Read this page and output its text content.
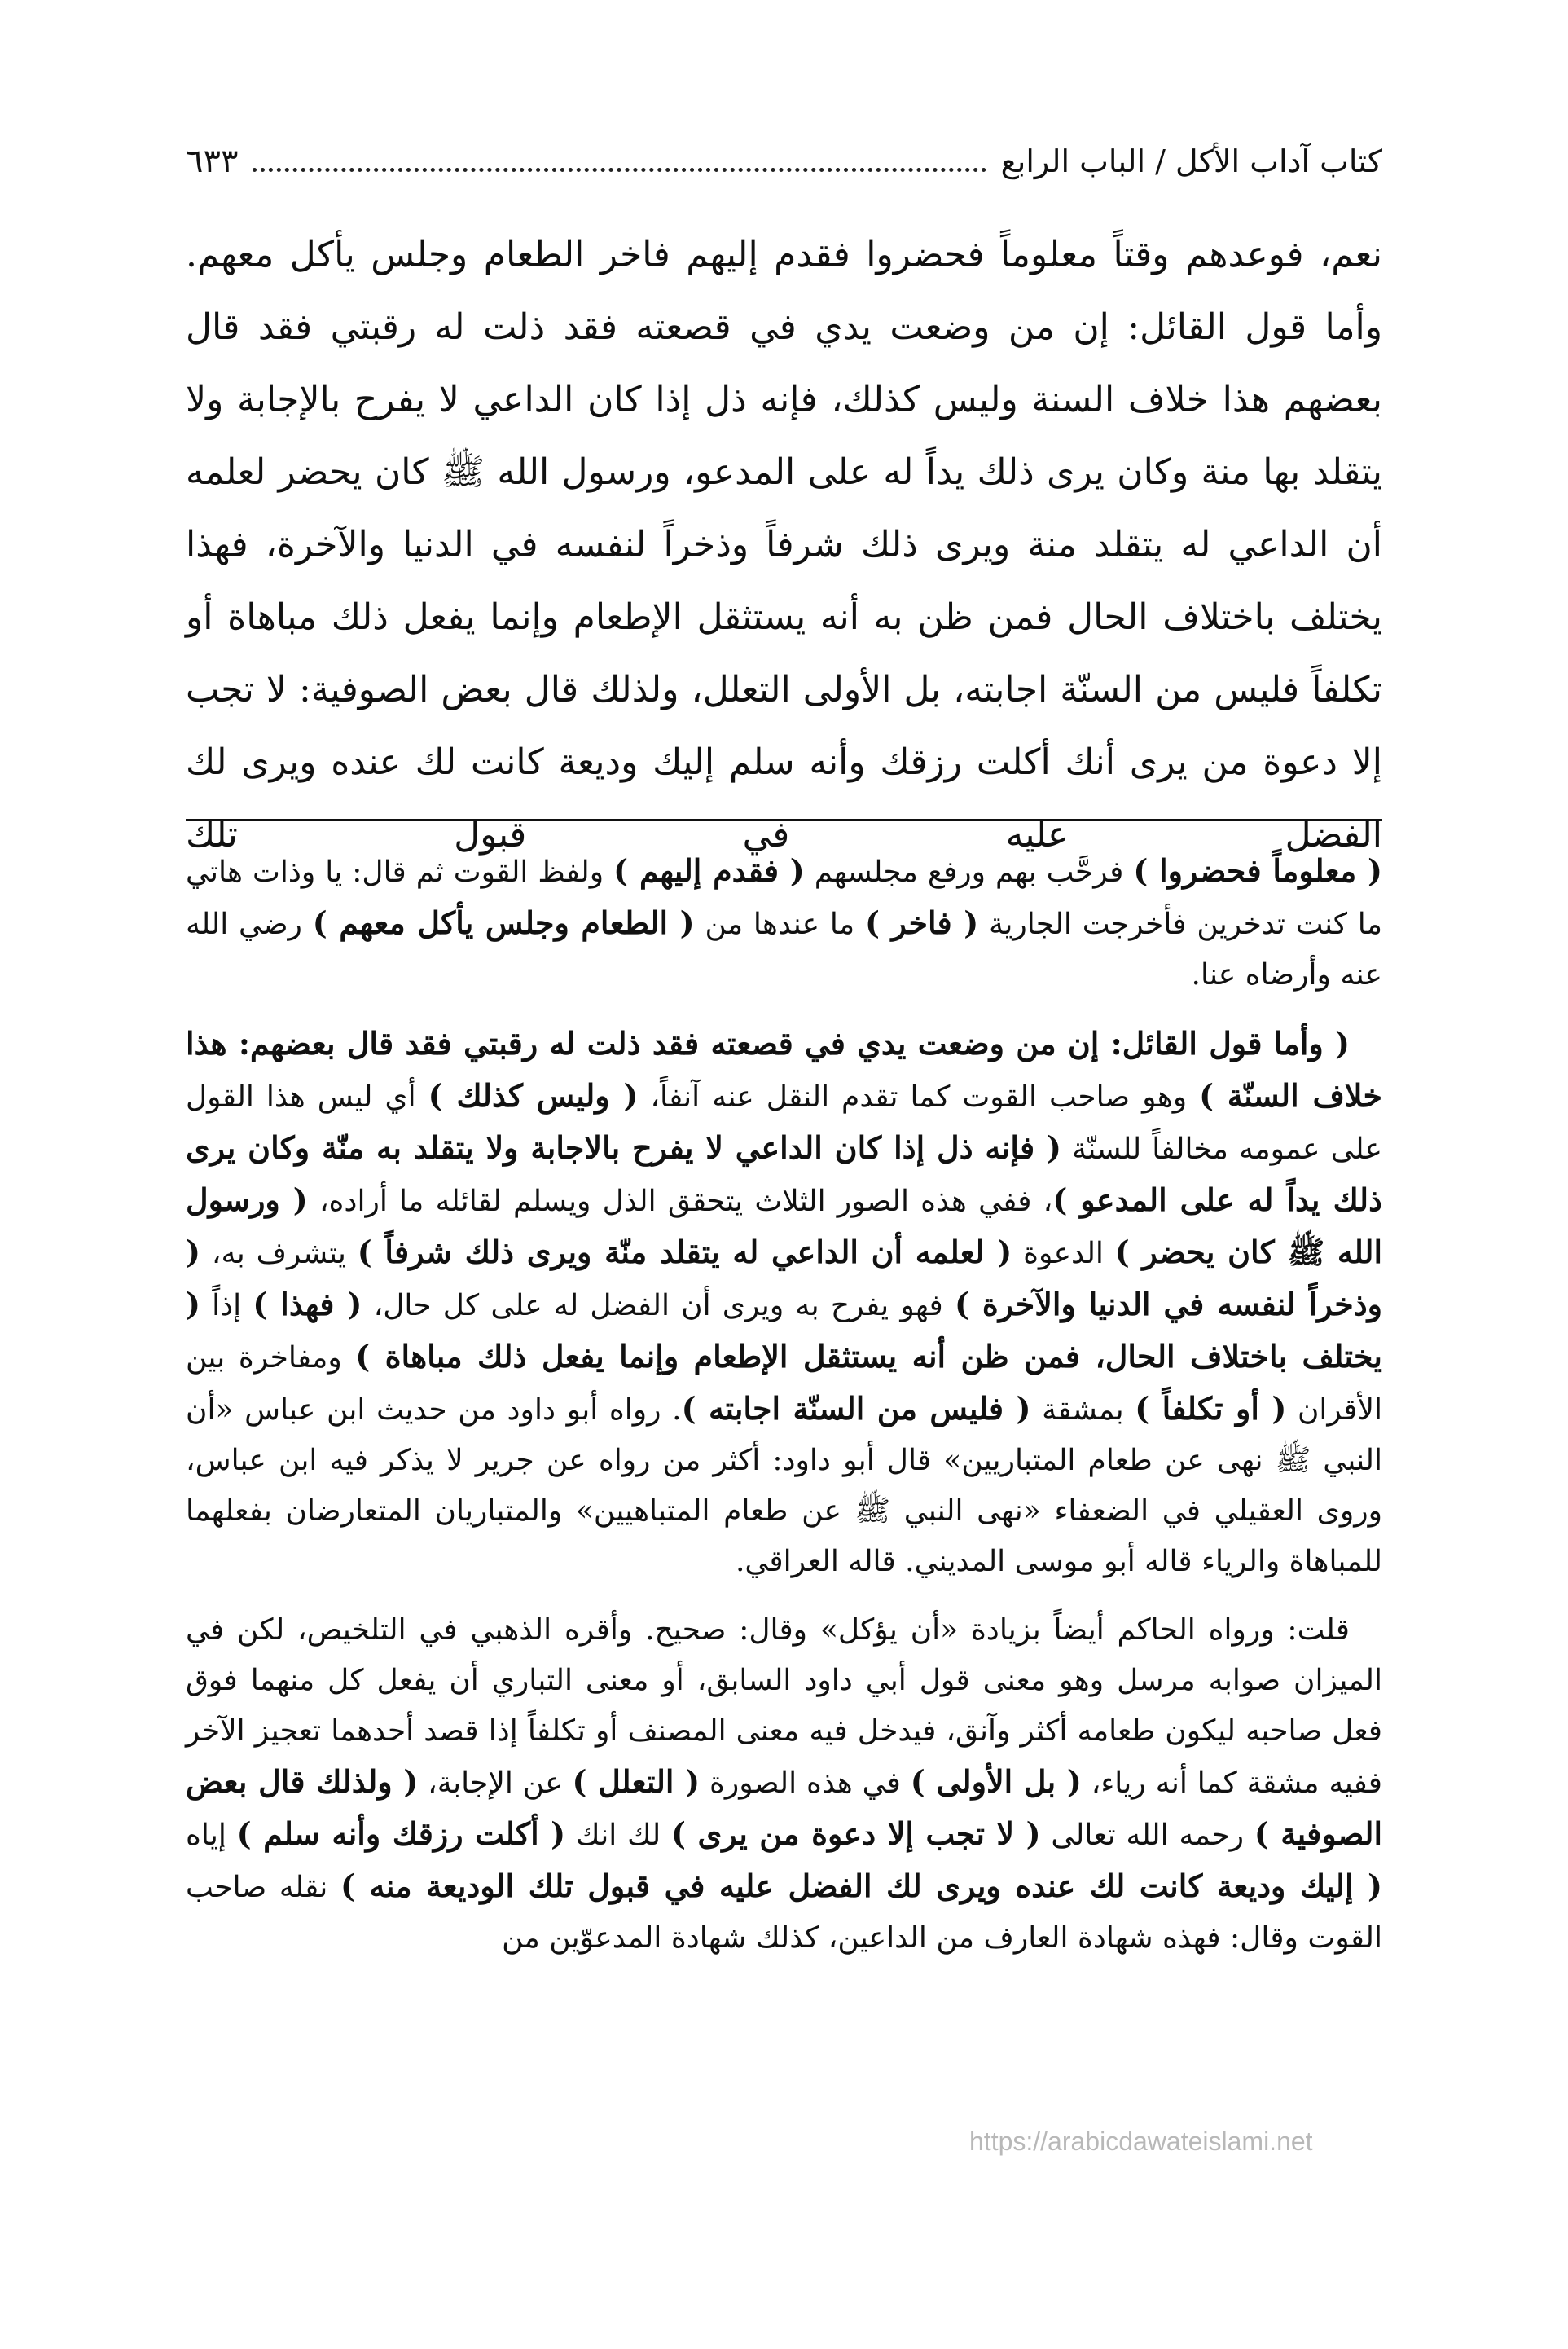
كتاب آداب الأكل / الباب الرابع
٦٣٣

نعم، فوعدهم وقتاً معلوماً فحضروا فقدم إليهم فاخر الطعام وجلس يأكل معهم. وأما قول القائل: إن من وضعت يدي في قصعته فقد ذلت له رقبتي فقد قال بعضهم هذا خلاف السنة وليس كذلك، فإنه ذل إذا كان الداعي لا يفرح بالإجابة ولا يتقلد بها منة وكان يرى ذلك يداً له على المدعو، ورسول الله ﷺ كان يحضر لعلمه أن الداعي له يتقلد منة ويرى ذلك شرفاً وذخراً لنفسه في الدنيا والآخرة، فهذا يختلف باختلاف الحال فمن ظن به أنه يستثقل الإطعام وإنما يفعل ذلك مباهاة أو تكلفاً فليس من السنّة اجابته، بل الأولى التعلل، ولذلك قال بعض الصوفية: لا تجب إلا دعوة من يرى أنك أكلت رزقك وأنه سلم إليك وديعة كانت لك عنده ويرى لك الفضل عليه في قبول تلك

( معلوماً فحضروا ) فرحَّب بهم ورفع مجلسهم ( فقدم إليهم ) ولفظ القوت ثم قال: يا وذات هاتي ما كنت تدخرين فأخرجت الجارية ( فاخر ) ما عندها من ( الطعام وجلس يأكل معهم ) رضي الله عنه وأرضاه عنا.

( وأما قول القائل: إن من وضعت يدي في قصعته فقد ذلت له رقبتي فقد قال بعضهم: هذا خلاف السنّة ) وهو صاحب القوت كما تقدم النقل عنه آنفاً، ( وليس كذلك ) أي ليس هذا القول على عمومه مخالفاً للسنّة ( فإنه ذل إذا كان الداعي لا يفرح بالاجابة ولا يتقلد به منّة وكان يرى ذلك يداً له على المدعو )، ففي هذه الصور الثلاث يتحقق الذل ويسلم لقائله ما أراده، ( ورسول الله ﷺ كان يحضر ) الدعوة ( لعلمه أن الداعي له يتقلد منّة ويرى ذلك شرفاً ) يتشرف به، ( وذخراً لنفسه في الدنيا والآخرة ) فهو يفرح به ويرى أن الفضل له على كل حال، ( فهذا ) إذاً ( يختلف باختلاف الحال، فمن ظن أنه يستثقل الإطعام وإنما يفعل ذلك مباهاة ) ومفاخرة بين الأقران ( أو تكلفاً ) بمشقة ( فليس من السنّة اجابته ). رواه أبو داود من حديث ابن عباس «أن النبي ﷺ نهى عن طعام المتباريين» قال أبو داود: أكثر من رواه عن جرير لا يذكر فيه ابن عباس، وروى العقيلي في الضعفاء «نهى النبي ﷺ عن طعام المتباهيين» والمتباريان المتعارضان بفعلهما للمباهاة والرياء قاله أبو موسى المديني. قاله العراقي.

قلت: ورواه الحاكم أيضاً بزيادة «أن يؤكل» وقال: صحيح. وأقره الذهبي في التلخيص، لكن في الميزان صوابه مرسل وهو معنى قول أبي داود السابق، أو معنى التباري أن يفعل كل منهما فوق فعل صاحبه ليكون طعامه أكثر وآنق، فيدخل فيه معنى المصنف أو تكلفاً إذا قصد أحدهما تعجيز الآخر ففيه مشقة كما أنه رياء، ( بل الأولى ) في هذه الصورة ( التعلل ) عن الإجابة، ( ولذلك قال بعض الصوفية ) رحمه الله تعالى ( لا تجب إلا دعوة من يرى ) لك انك ( أكلت رزقك وأنه سلم ) إياه ( إليك وديعة كانت لك عنده ويرى لك الفضل عليه في قبول تلك الوديعة منه ) نقله صاحب القوت وقال: فهذه شهادة العارف من الداعين، كذلك شهادة المدعوّين من

https://arabicdawateislami.net
